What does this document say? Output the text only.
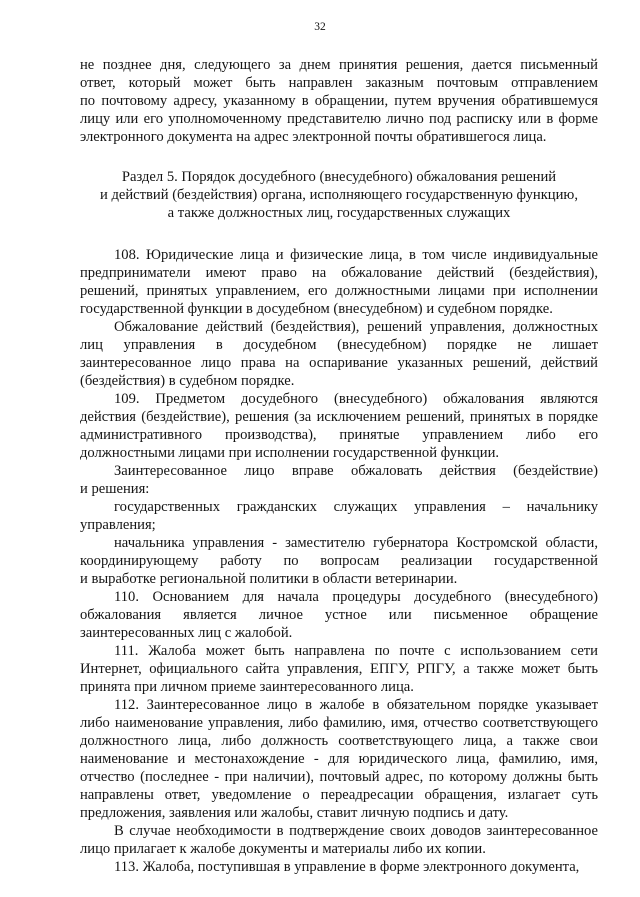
32
не позднее дня, следующего за днем принятия решения, дается письменный
ответ, который может быть направлен заказным почтовым отправлением
по почтовому адресу, указанному в обращении, путем вручения обратившемуся
лицу или его уполномоченному представителю лично под расписку или в форме
электронного документа на адрес электронной почты обратившегося лица.
Раздел 5. Порядок досудебного (внесудебного) обжалования решений
и действий (бездействия) органа, исполняющего государственную функцию,
а также должностных лиц, государственных служащих
108. Юридические лица и физические лица, в том числе индивидуальные
предприниматели имеют право на обжалование действий (бездействия),
решений, принятых управлением, его должностными лицами при исполнении
государственной функции в досудебном (внесудебном) и судебном порядке.
Обжалование действий (бездействия), решений управления, должностных
лиц управления в досудебном (внесудебном) порядке не лишает
заинтересованное лицо права на оспаривание указанных решений, действий
(бездействия) в судебном порядке.
109. Предметом досудебного (внесудебного) обжалования являются
действия (бездействие), решения (за исключением решений, принятых в порядке
административного производства), принятые управлением либо его
должностными лицами при исполнении государственной функции.
Заинтересованное лицо вправе обжаловать действия (бездействие)
и решения:
государственных гражданских служащих управления – начальнику
управления;
начальника управления - заместителю губернатора Костромской области,
координирующему работу по вопросам реализации государственной
и выработке региональной политики в области ветеринарии.
110. Основанием для начала процедуры досудебного (внесудебного)
обжалования является личное устное или письменное обращение
заинтересованных лиц с жалобой.
111. Жалоба может быть направлена по почте с использованием сети
Интернет, официального сайта управления, ЕПГУ, РПГУ, а также может быть
принята при личном приеме заинтересованного лица.
112. Заинтересованное лицо в жалобе в обязательном порядке указывает
либо наименование управления, либо фамилию, имя, отчество соответствующего
должностного лица, либо должность соответствующего лица, а также свои
наименование и местонахождение - для юридического лица, фамилию, имя,
отчество (последнее - при наличии), почтовый адрес, по которому должны быть
направлены ответ, уведомление о переадресации обращения, излагает суть
предложения, заявления или жалобы, ставит личную подпись и дату.
В случае необходимости в подтверждение своих доводов заинтересованное
лицо прилагает к жалобе документы и материалы либо их копии.
113. Жалоба, поступившая в управление в форме электронного документа,
